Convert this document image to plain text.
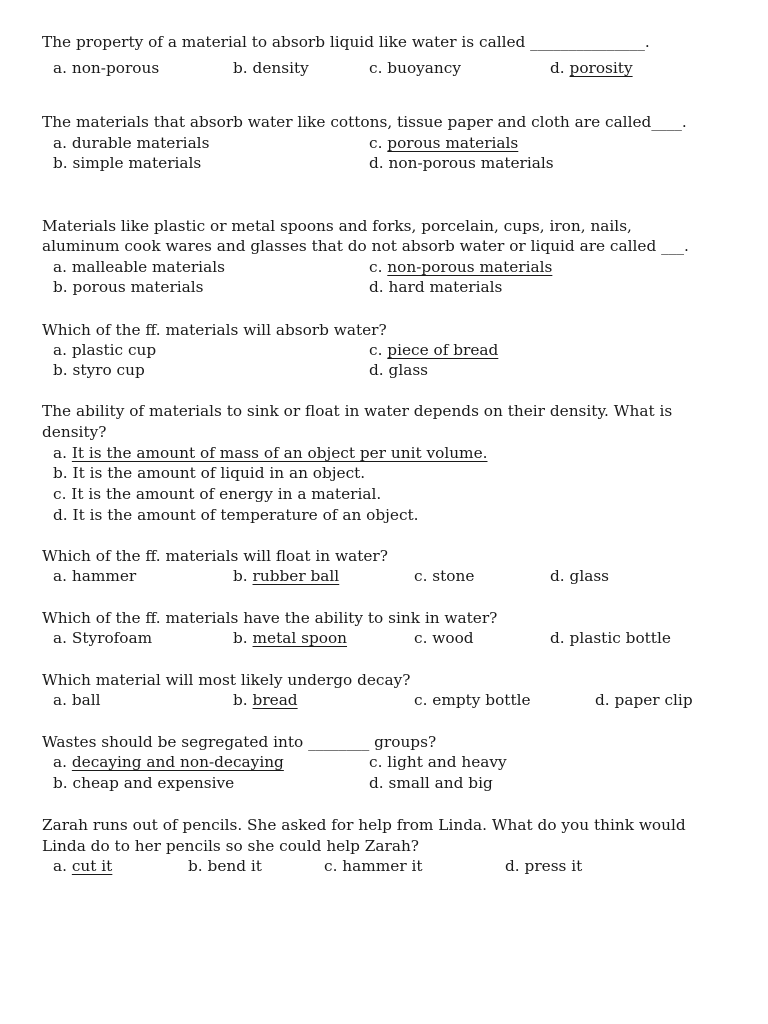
The property of a material to absorb liquid like water is called _______________.
a. non-porous	b. density	c. buoyancy	d. porosity
The materials that absorb water like cottons, tissue paper and cloth are called____.
a. durable materials	c. porous materials
b. simple materials	d. non-porous materials
Materials like plastic or metal spoons and forks, porcelain, cups, iron, nails,
aluminum cook wares and glasses that do not absorb water or liquid are called ___.
a. malleable materials	c. non-porous materials
b. porous materials	d. hard materials
Which of the ff. materials will absorb water?
a. plastic cup	c. piece of bread
b. styro cup	d. glass
The ability of materials to sink or float in water depends on their density. What is
density?
a. It is the amount of mass of an object per unit volume.
b. It is the amount of liquid in an object.
c. It is the amount of energy in a material.
d. It is the amount of temperature of an object.
Which of the ff. materials will float in water?
a. hammer	b. rubber ball	c. stone	d. glass
Which of the ff. materials have the ability to sink in water?
a. Styrofoam	b. metal spoon	c. wood	d. plastic bottle
Which material will most likely undergo decay?
a. ball	b. bread	c. empty bottle	d. paper clip
Wastes should be segregated into ________ groups?
a. decaying and non-decaying	c. light and heavy
b. cheap and expensive	d. small and big
Zarah runs out of pencils. She asked for help from Linda. What do you think would
Linda do to her pencils so she could help Zarah?
a. cut it	b. bend it	c. hammer it	d. press it
